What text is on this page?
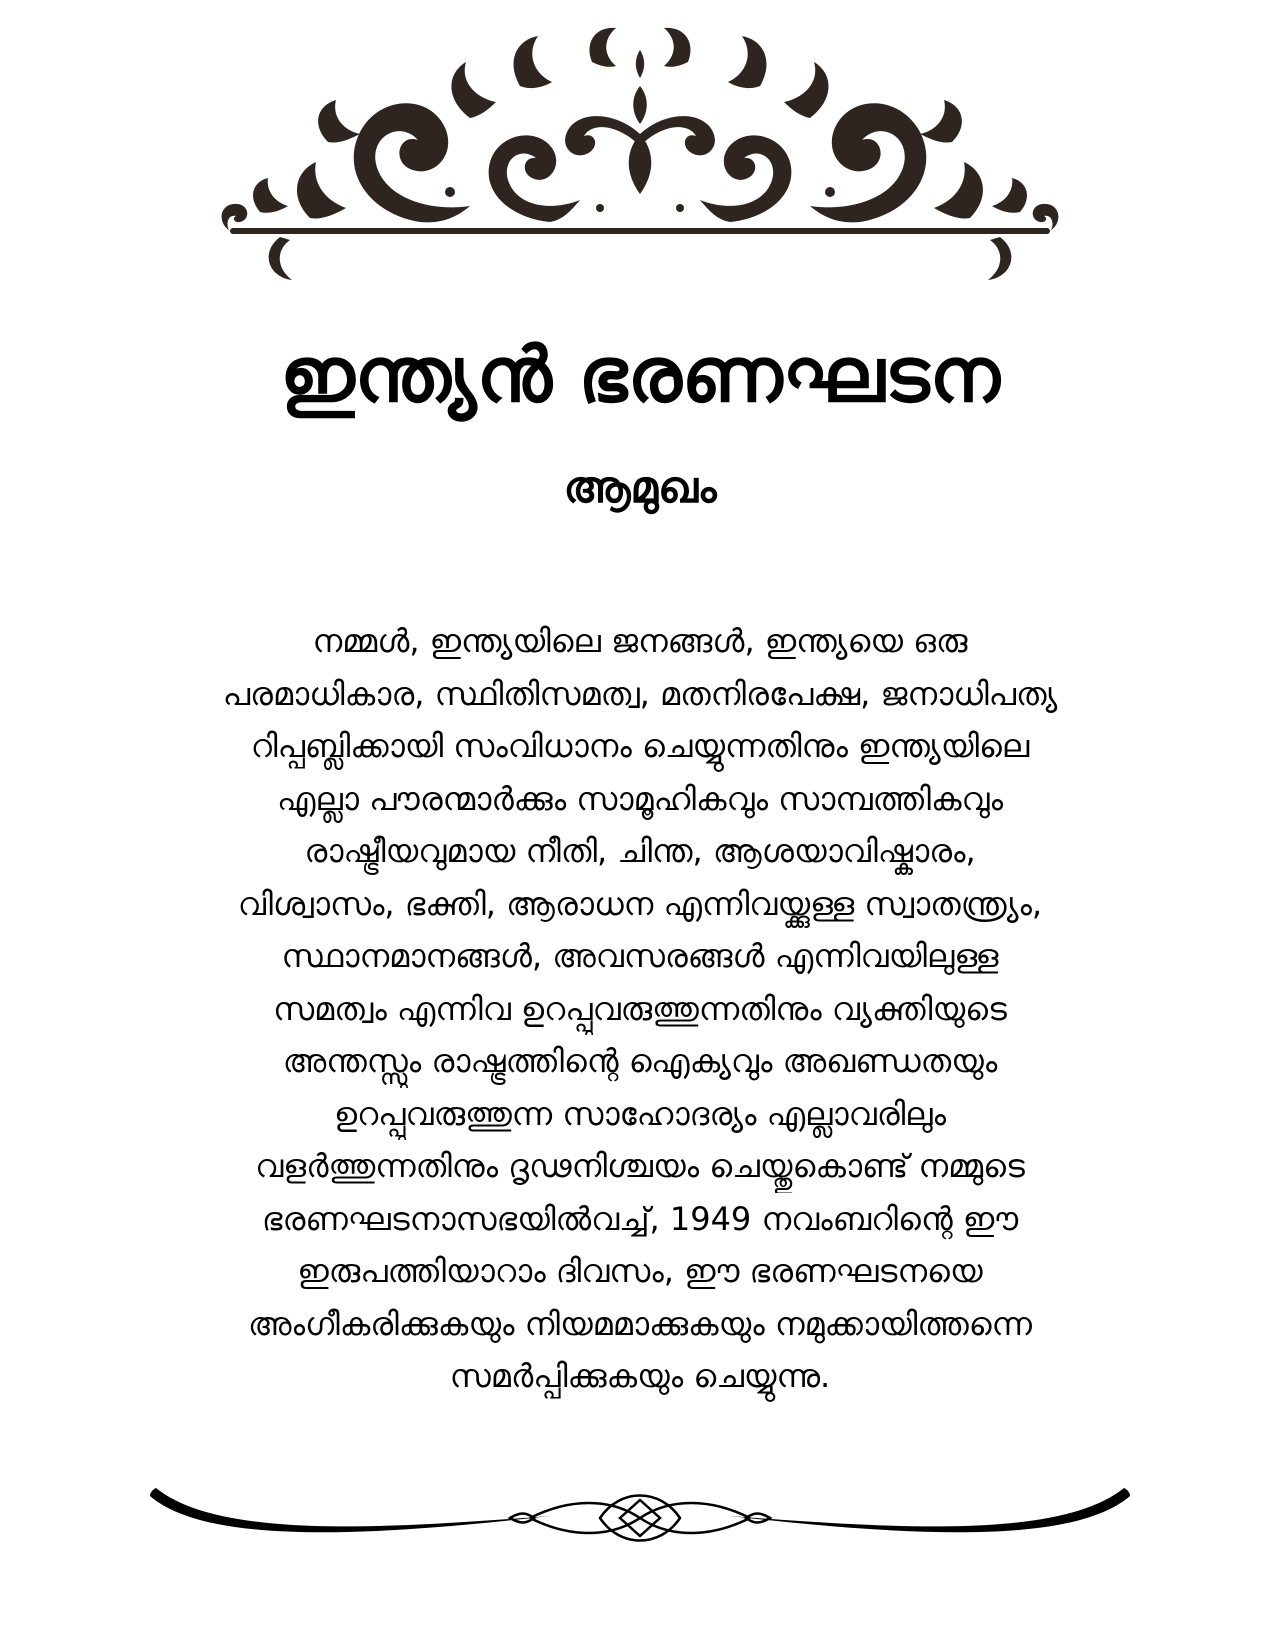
ഇന്ത്യൻ ഭരണഘടന
ആമുഖം
നമ്മൾ, ഇന്ത്യയിലെ ജനങ്ങൾ, ഇന്ത്യയെ ഒരു
പരമാധികാര, സ്ഥിതിസമത്വ, മതനിരപേക്ഷ, ജനാധിപത്യ
റിപ്പബ്ലിക്കായി സംവിധാനം ചെയ്യുന്നതിനും ഇന്ത്യയിലെ
എല്ലാ പൗരന്മാർക്കും സാമൂഹികവും സാമ്പത്തികവും
രാഷ്ട്രീയവുമായ നീതി, ചിന്ത, ആശയാവിഷ്കാരം,
വിശ്വാസം, ഭക്തി, ആരാധന എന്നിവയ്ക്കുള്ള സ്വാതന്ത്ര്യം,
സ്ഥാനമാനങ്ങൾ, അവസരങ്ങൾ എന്നിവയിലുള്ള
സമത്വം എന്നിവ ഉറപ്പുവരുത്തുന്നതിനും വ്യക്തിയുടെ
അന്തസ്സും രാഷ്ട്രത്തിന്റെ ഐക്യവും അഖണ്ഡതയും
ഉറപ്പുവരുത്തുന്ന സാഹോദര്യം എല്ലാവരിലും
വളർത്തുന്നതിനും ദൃഢനിശ്ചയം ചെയ്തുകൊണ്ട് നമ്മുടെ
ഭരണഘടനാസഭയിൽവച്ച്, 1949 നവംബറിന്റെ ഈ
ഇരുപത്തിയാറാം ദിവസം, ഈ ഭരണഘടനയെ
അംഗീകരിക്കുകയും നിയമമാക്കുകയും നമുക്കായിത്തന്നെ
സമർപ്പിക്കുകയും ചെയ്യുന്നു.
